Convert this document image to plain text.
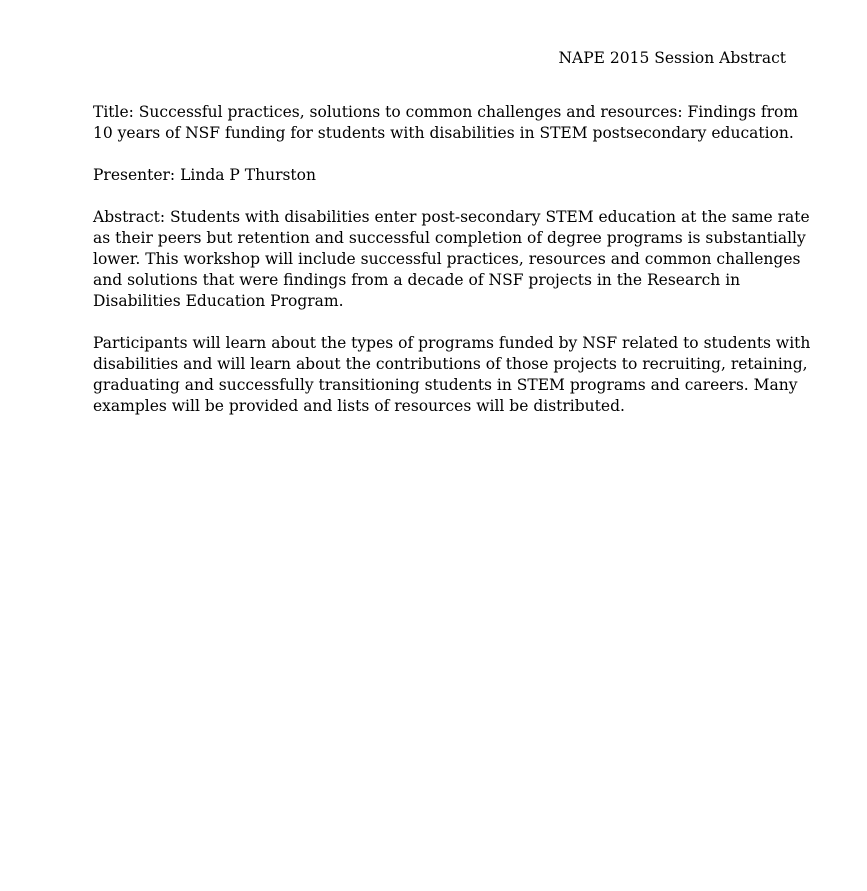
NAPE 2015 Session Abstract

Title: Successful practices, solutions to common challenges and resources: Findings from
10 years of NSF funding for students with disabilities in STEM postsecondary education.

Presenter: Linda P Thurston

Abstract: Students with disabilities enter post-secondary STEM education at the same rate
as their peers but retention and successful completion of degree programs is substantially
lower. This workshop will include successful practices, resources and common challenges
and solutions that were findings from a decade of NSF projects in the Research in
Disabilities Education Program.

Participants will learn about the types of programs funded by NSF related to students with
disabilities and will learn about the contributions of those projects to recruiting, retaining,
graduating and successfully transitioning students in STEM programs and careers. Many
examples will be provided and lists of resources will be distributed.
